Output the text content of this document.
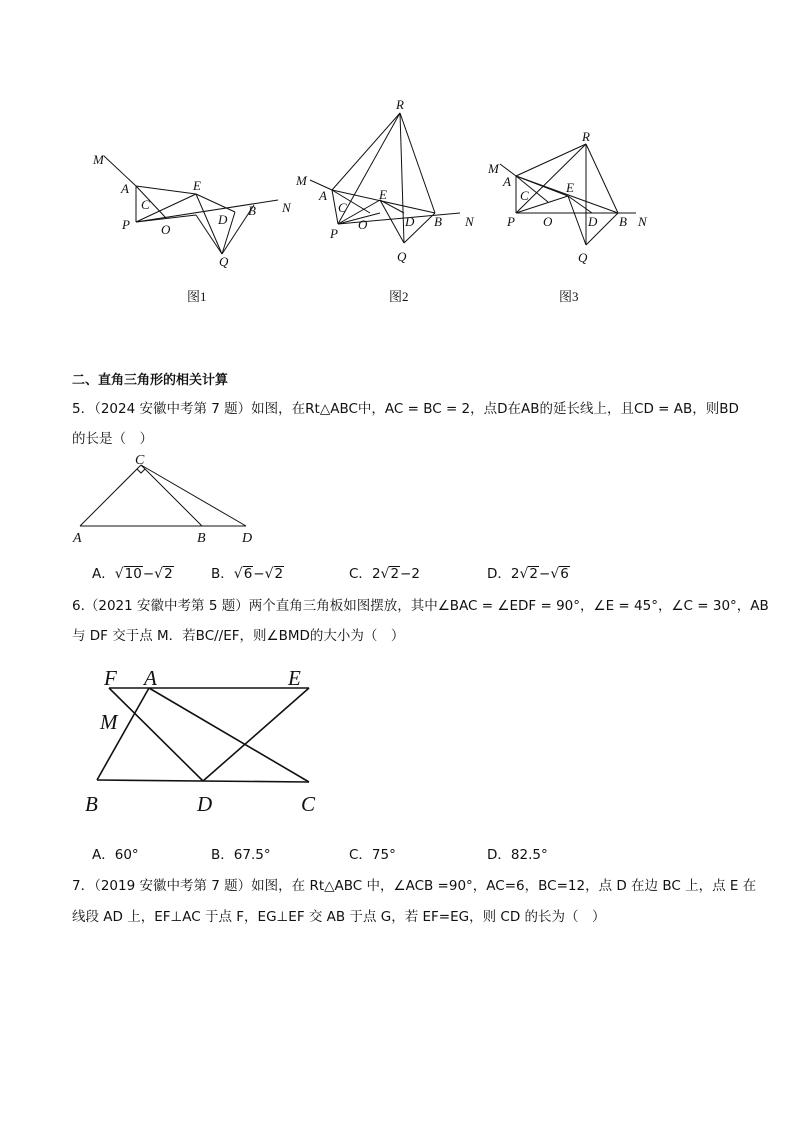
M
A
C
E
D
B N
P O
Q
图1
R
M
A
C
E
D B N
P
O
Q
图2
R
M
A
C
E
D B N
P O
Q
图3
二、直角三角形的相关计算
5．（2024 安徽中考第 7 题）如图，在Rt△ABC中，AC = BC = 2，点D在AB的延长线上，且CD = AB，则BD
的长是（　）
C
A	B	D
A．√10−√2	B．√6−√2	C．2√2−2	D．2√2−√6
6.（2021 安徽中考第 5 题）两个直角三角板如图摆放，其中∠BAC = ∠EDF = 90°，∠E = 45°，∠C = 30°，AB
与 DF 交于点 M．若BC//EF，则∠BMD的大小为（　）
F A	E
M
B	D	C
A．60°	B．67.5°	C．75°	D．82.5°
7．（2019 安徽中考第 7 题）如图，在 Rt△ABC 中，∠ACB =90°，AC=6，BC=12，点 D 在边 BC 上，点 E 在
线段 AD 上，EF⊥AC 于点 F，EG⊥EF 交 AB 于点 G，若 EF=EG，则 CD 的长为（　）
